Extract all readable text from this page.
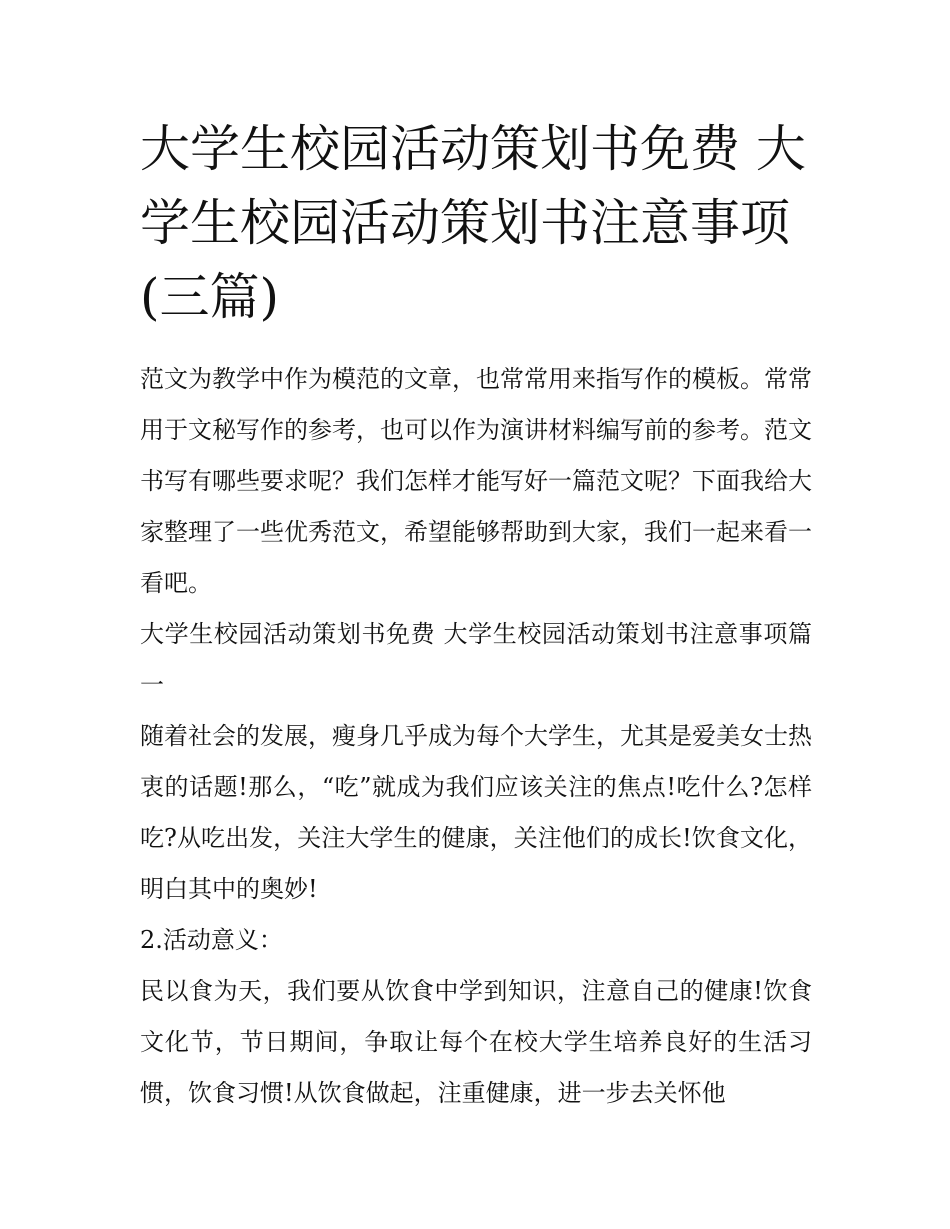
大学生校园活动策划书免费 大学生校园活动策划书注意事项(三篇)

范文为教学中作为模范的文章，也常常用来指写作的模板。常常用于文秘写作的参考，也可以作为演讲材料编写前的参考。范文书写有哪些要求呢？我们怎样才能写好一篇范文呢？下面我给大家整理了一些优秀范文，希望能够帮助到大家，我们一起来看一看吧。

大学生校园活动策划书免费 大学生校园活动策划书注意事项篇一

随着社会的发展，瘦身几乎成为每个大学生，尤其是爱美女士热衷的话题!那么，“吃”就成为我们应该关注的焦点!吃什么?怎样吃?从吃出发，关注大学生的健康，关注他们的成长!饮食文化，明白其中的奥妙!

2.活动意义：

民以食为天，我们要从饮食中学到知识，注意自己的健康!饮食文化节，节日期间，争取让每个在校大学生培养良好的生活习惯，饮食习惯!从饮食做起，注重健康，进一步去关怀他
